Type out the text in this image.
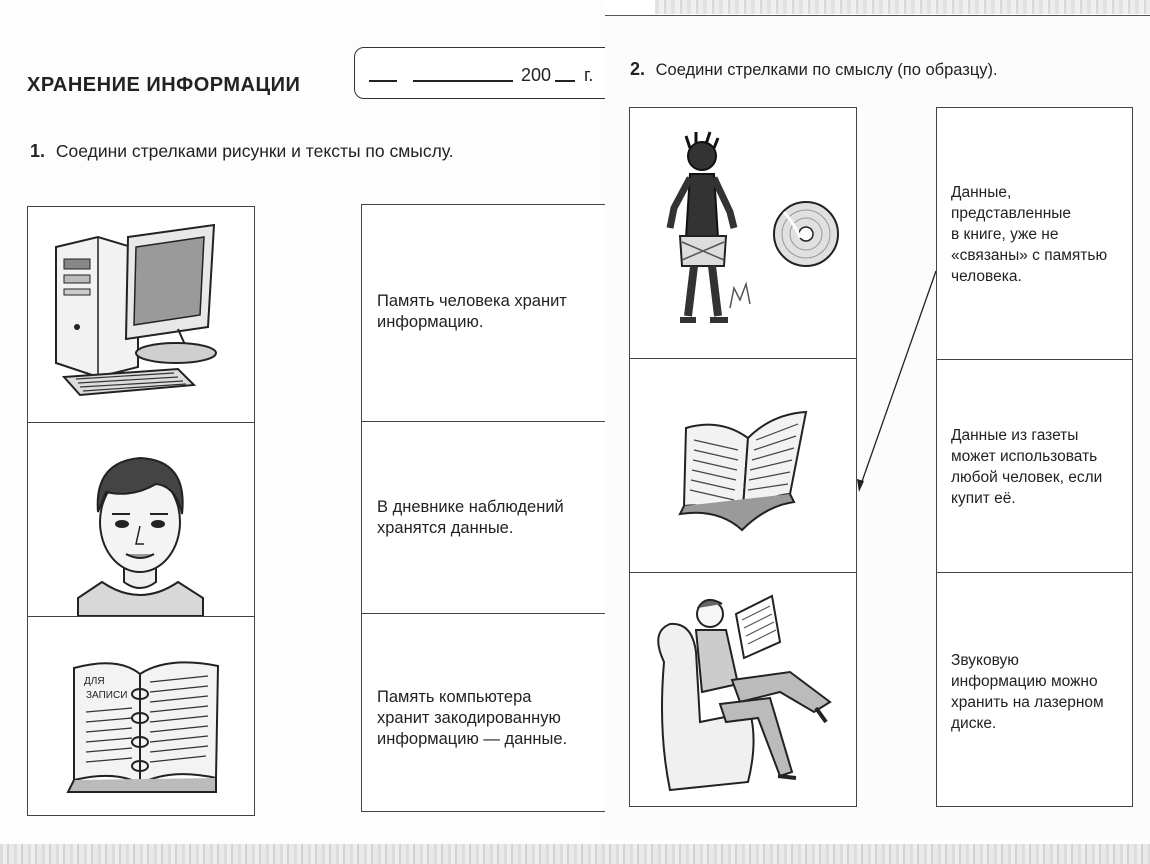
ХРАНЕНИЕ ИНФОРМАЦИИ	200 г.
1. Соедини стрелками рисунки и тексты по смыслу.
ДЛЯ
ЗАПИСИ
Память человека хранит
информацию.
В дневнике наблюдений
хранятся данные.
Память компьютера
хранит закодированную
информацию — данные.
2. Соедини стрелками по смыслу (по образцу).
Данные,
представленные
в книге, уже не
«связаны» с памятью
человека.
Данные из газеты
может использовать
любой человек, если
купит её.
Звуковую
информацию можно
хранить на лазерном
диске.
